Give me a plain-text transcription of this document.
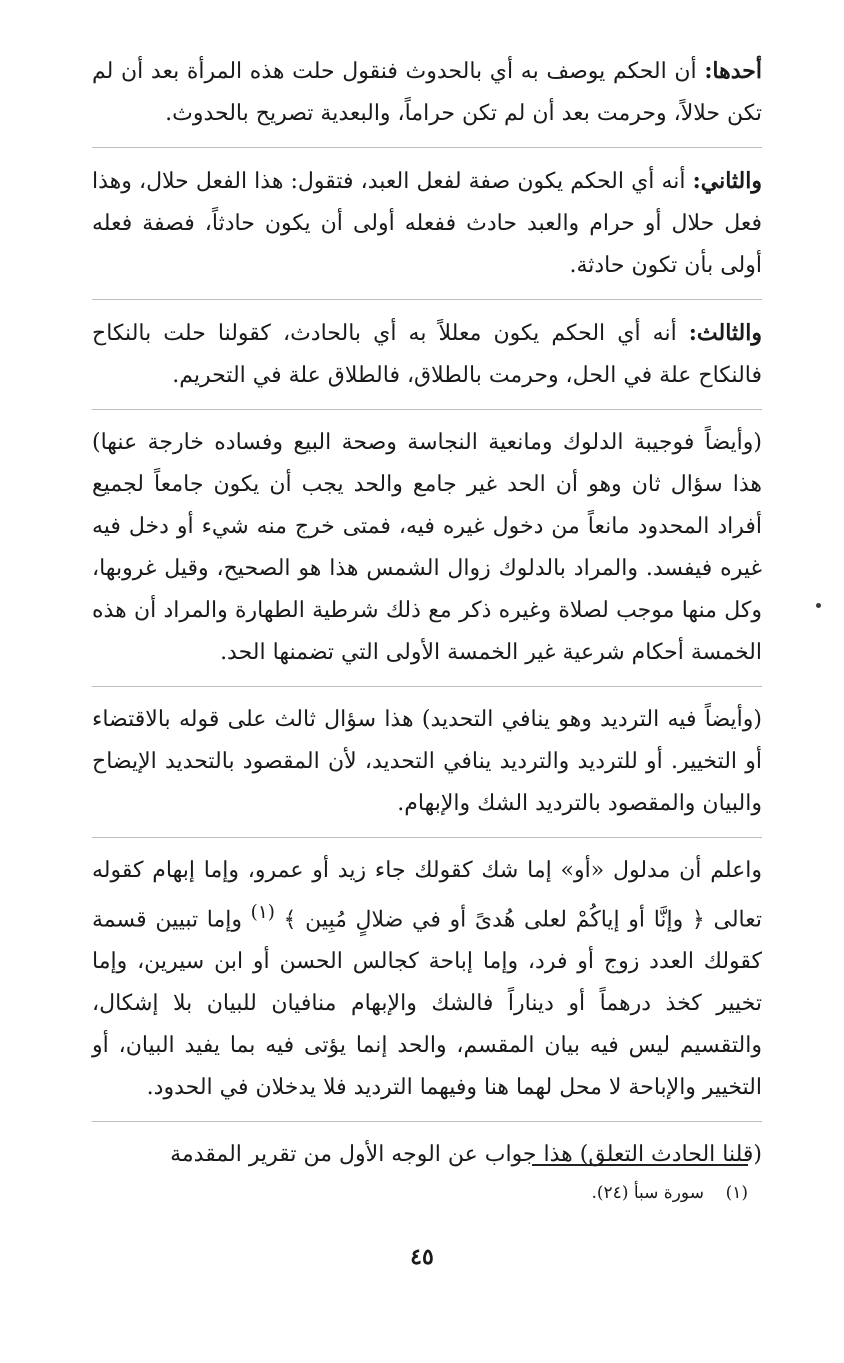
أحدها: أن الحكم يوصف به أي بالحدوث فنقول حلت هذه المرأة بعد أن لم تكن حلالاً، وحرمت بعد أن لم تكن حراماً، والبعدية تصريح بالحدوث.

والثاني: أنه أي الحكم يكون صفة لفعل العبد، فتقول: هذا الفعل حلال، وهذا فعل حلال أو حرام والعبد حادث ففعله أولى أن يكون حادثاً، فصفة فعله أولى بأن تكون حادثة.

والثالث: أنه أي الحكم يكون معللاً به أي بالحادث، كقولنا حلت بالنكاح فالنكاح علة في الحل، وحرمت بالطلاق، فالطلاق علة في التحريم.

(وأيضاً فوجيبة الدلوك ومانعية النجاسة وصحة البيع وفساده خارجة عنها) هذا سؤال ثان وهو أن الحد غير جامع والحد يجب أن يكون جامعاً لجميع أفراد المحدود مانعاً من دخول غيره فيه، فمتى خرج منه شيء أو دخل فيه غيره فيفسد. والمراد بالدلوك زوال الشمس هذا هو الصحيح، وقيل غروبها، وكل منها موجب لصلاة وغيره ذكر مع ذلك شرطية الطهارة والمراد أن هذه الخمسة أحكام شرعية غير الخمسة الأولى التي تضمنها الحد.

(وأيضاً فيه الترديد وهو ينافي التحديد) هذا سؤال ثالث على قوله بالاقتضاء أو التخيير. أو للترديد والترديد ينافي التحديد، لأن المقصود بالتحديد الإيضاح والبيان والمقصود بالترديد الشك والإبهام.

واعلم أن مدلول «أو» إما شك كقولك جاء زيد أو عمرو، وإما إبهام كقوله تعالى ﴿ وإنَّا أو إياكُمْ لعلى هُدىً أو في ضلالٍ مُبِين ﴾ $^{(١)}$ وإما تبيين قسمة كقولك العدد زوج أو فرد، وإما إباحة كجالس الحسن أو ابن سيرين، وإما تخيير كخذ درهماً أو ديناراً فالشك والإبهام منافيان للبيان بلا إشكال، والتقسيم ليس فيه بيان المقسم، والحد إنما يؤتى فيه بما يفيد البيان، أو التخيير والإباحة لا محل لهما هنا وفيهما الترديد فلا يدخلان في الحدود.

(قلنا الحادث التعلق) هذا جواب عن الوجه الأول من تقرير المقدمة

(١)    سورة سبأ (٢٤).
٤٥
